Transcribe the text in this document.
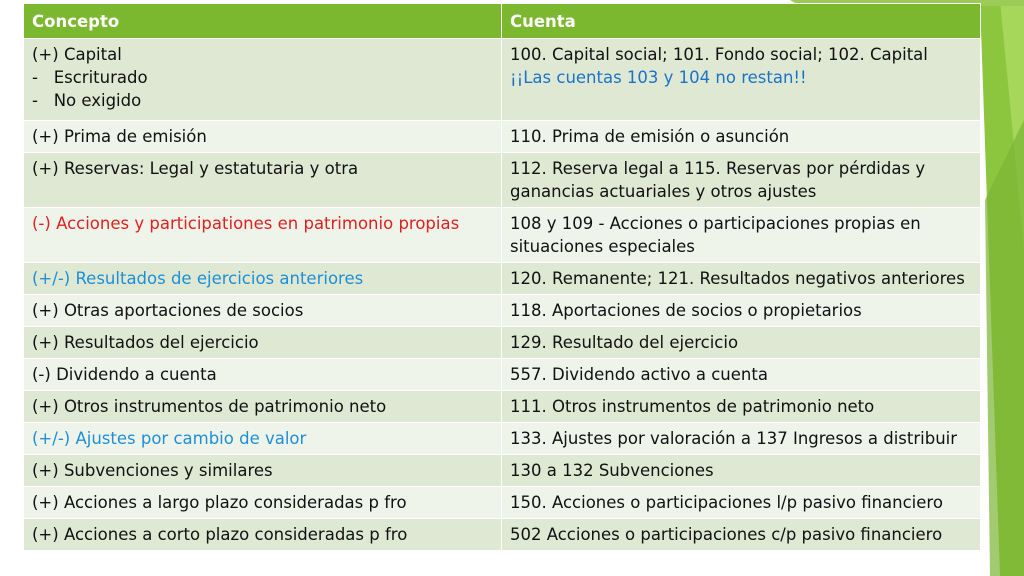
Concepto	Cuenta

(+) Capital
-   Escriturado
-   No exigido	100. Capital social; 101. Fondo social; 102. Capital
¡¡Las cuentas 103 y 104 no restan!!

(+) Prima de emisión	110. Prima de emisión o asunción
(+) Reservas: Legal y estatutaria y otra	112. Reserva legal a 115. Reservas por pérdidas y ganancias actuariales y otros ajustes
(-) Acciones y participationes en patrimonio propias	108 y 109 - Acciones o participaciones propias en situaciones especiales
(+/-) Resultados de ejercicios anteriores	120. Remanente; 121. Resultados negativos anteriores
(+) Otras aportaciones de socios	118. Aportaciones de socios o propietarios
(+) Resultados del ejercicio	129. Resultado del ejercicio
(-) Dividendo a cuenta	557. Dividendo activo a cuenta
(+) Otros instrumentos de patrimonio neto	111. Otros instrumentos de patrimonio neto
(+/-) Ajustes por cambio de valor	133. Ajustes por valoración a 137 Ingresos a distribuir
(+) Subvenciones y similares	130 a 132 Subvenciones
(+) Acciones a largo plazo consideradas p fro	150. Acciones o participaciones l/p pasivo financiero
(+) Acciones a corto plazo consideradas p fro	502 Acciones o participaciones c/p pasivo financiero
